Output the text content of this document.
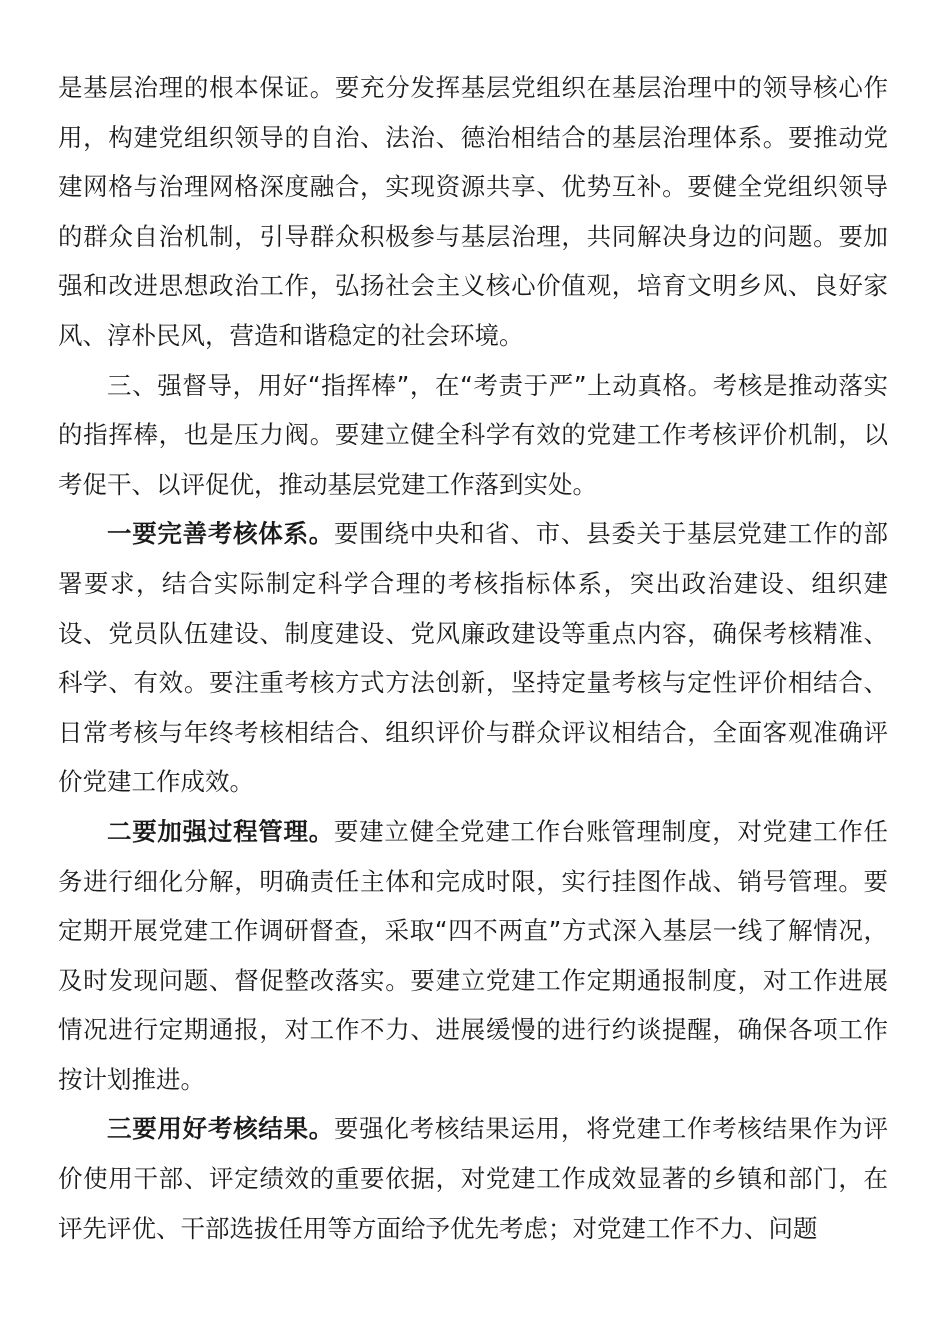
是基层治理的根本保证。要充分发挥基层党组织在基层治理中的领导核心作用，构建党组织领导的自治、法治、德治相结合的基层治理体系。要推动党建网格与治理网格深度融合，实现资源共享、优势互补。要健全党组织领导的群众自治机制，引导群众积极参与基层治理，共同解决身边的问题。要加强和改进思想政治工作，弘扬社会主义核心价值观，培育文明乡风、良好家风、淳朴民风，营造和谐稳定的社会环境。

三、强督导，用好“指挥棒”，在“考责于严”上动真格。考核是推动落实的指挥棒，也是压力阀。要建立健全科学有效的党建工作考核评价机制，以考促干、以评促优，推动基层党建工作落到实处。

一要完善考核体系。要围绕中央和省、市、县委关于基层党建工作的部署要求，结合实际制定科学合理的考核指标体系，突出政治建设、组织建设、党员队伍建设、制度建设、党风廉政建设等重点内容，确保考核精准、科学、有效。要注重考核方式方法创新，坚持定量考核与定性评价相结合、日常考核与年终考核相结合、组织评价与群众评议相结合，全面客观准确评价党建工作成效。

二要加强过程管理。要建立健全党建工作台账管理制度，对党建工作任务进行细化分解，明确责任主体和完成时限，实行挂图作战、销号管理。要定期开展党建工作调研督查，采取“四不两直”方式深入基层一线了解情况，及时发现问题、督促整改落实。要建立党建工作定期通报制度，对工作进展情况进行定期通报，对工作不力、进展缓慢的进行约谈提醒，确保各项工作按计划推进。

三要用好考核结果。要强化考核结果运用，将党建工作考核结果作为评价使用干部、评定绩效的重要依据，对党建工作成效显著的乡镇和部门，在评先评优、干部选拔任用等方面给予优先考虑；对党建工作不力、问题
